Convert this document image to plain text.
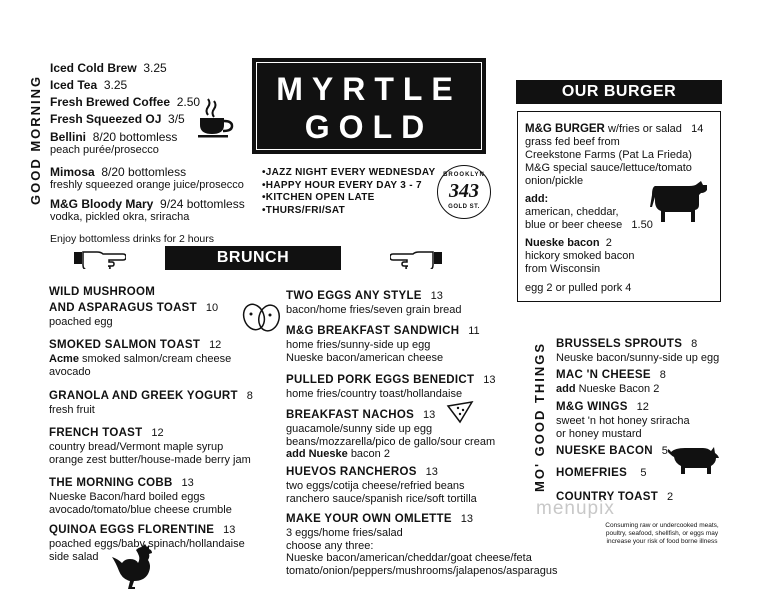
GOOD MORNING
Iced Cold Brew 3.25
Iced Tea 3.25
Fresh Brewed Coffee 2.50
Fresh Squeezed OJ 3/5
Bellini 8/20 bottomless
peach purée/prosecco
Mimosa 8/20 bottomless
freshly squeezed orange juice/prosecco
M&G Bloody Mary 9/24 bottomless
vodka, pickled okra, sriracha
Enjoy bottomless drinks for 2 hours
MYRTLE
GOLD
•JAZZ NIGHT EVERY WEDNESDAY
•HAPPY HOUR EVERY DAY 3 - 7
•KITCHEN OPEN LATE
•THURS/FRI/SAT
BROOKLYN
343
GOLD ST.
OUR BURGER
M&G BURGER w/fries or salad 14
grass fed beef from
Creekstone Farms (Pat La Frieda)
M&G special sauce/lettuce/tomato
onion/pickle
add:
american, cheddar,
blue or beer cheese 1.50
Nueske bacon 2
hickory smoked bacon
from Wisconsin
egg 2 or pulled pork 4
BRUNCH
WILD MUSHROOM
AND ASPARAGUS TOAST 10
poached egg
SMOKED SALMON TOAST 12
Acme smoked salmon/cream cheese
avocado
GRANOLA AND GREEK YOGURT 8
fresh fruit
FRENCH TOAST 12
country bread/Vermont maple syrup
orange zest butter/house-made berry jam
THE MORNING COBB 13
Nueske Bacon/hard boiled eggs
avocado/tomato/blue cheese crumble
QUINOA EGGS FLORENTINE 13
poached eggs/baby spinach/hollandaise
side salad
TWO EGGS ANY STYLE 13
bacon/home fries/seven grain bread
M&G BREAKFAST SANDWICH 11
home fries/sunny-side up egg
Nueske bacon/american cheese
PULLED PORK EGGS BENEDICT 13
home fries/country toast/hollandaise
BREAKFAST NACHOS 13
guacamole/sunny side up egg
beans/mozzarella/pico de gallo/sour cream
add Nueske bacon 2
HUEVOS RANCHEROS 13
two eggs/cotija cheese/refried beans
ranchero sauce/spanish rice/soft tortilla
MAKE YOUR OWN OMLETTE 13
3 eggs/home fries/salad
choose any three:
Nueske bacon/american/cheddar/goat cheese/feta
tomato/onion/peppers/mushrooms/jalapenos/asparagus
MO' GOOD THINGS BRUSSELS SPROUTS 8
Neuske bacon/sunny-side up egg
MAC 'N CHEESE 8
add Nueske Bacon 2
M&G WINGS 12
sweet 'n hot honey sriracha
or honey mustard
NUESKE BACON 5
HOMEFRIES 5
COUNTRY TOAST 2
menupix
Consuming raw or undercooked meats,
poultry, seafood, shellfish, or eggs may
increase your risk of food borne illness
